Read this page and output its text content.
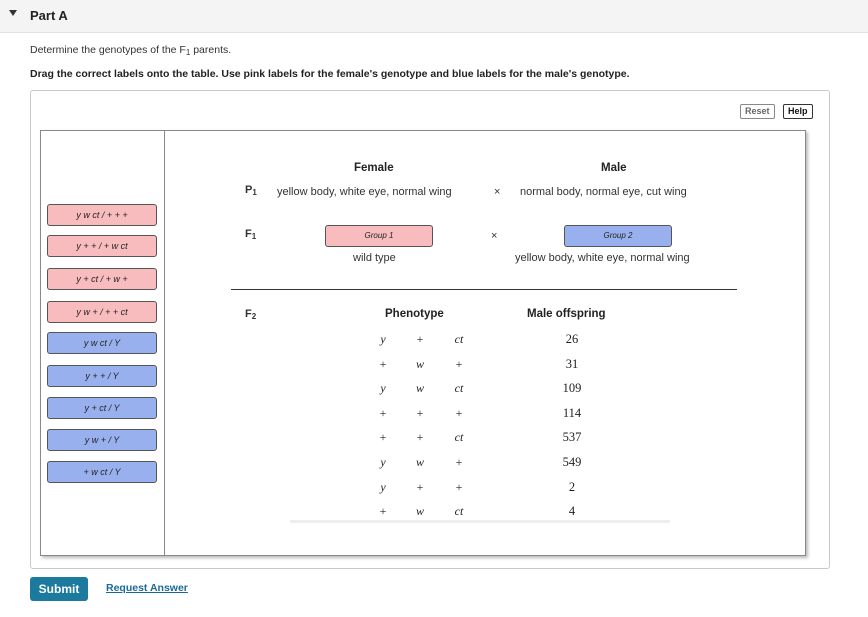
Part A
Determine the genotypes of the $F_1$ parents.
Drag the correct labels onto the table. Use pink labels for the female's genotype and blue labels for the male's genotype.
Reset	Help
y w ct / + + +
y + + / + w ct
y + ct / + w +
y w + / + + ct
y w ct / Y
y + + / Y
y + ct / Y
y w + / Y
+ w ct / Y
Female	Male
$P_1$ yellow body, white eye, normal wing	× normal body, normal eye, cut wing
$F_1$	Group 1	×	Group 2
wild type	yellow body, white eye, normal wing
$F_2$	Phenotype	Male offspring
y	+	ct	26
+	w	+	31
y	w	ct	109
+	+	+	114
+	+	ct	537
y	w	+	549
y	+	+	2
+	w	ct	4
Submit	Request Answer
